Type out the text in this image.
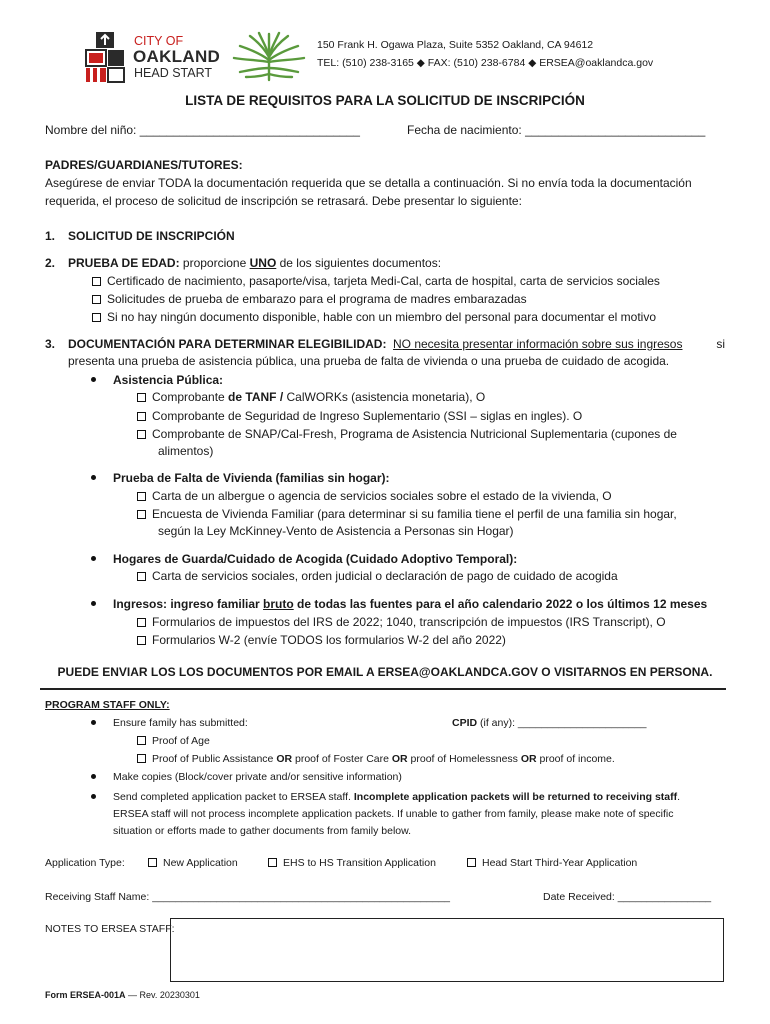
CITY OF
OAKLAND
HEAD START
150 Frank H. Ogawa Plaza, Suite 5352 Oakland, CA 94612
TEL: (510) 238-3165 ◆ FAX: (510) 238-6784 ◆ ERSEA@oaklandca.gov
LISTA DE REQUISITOS PARA LA SOLICITUD DE INSCRIPCIÓN
Nombre del niño: _________________________________	Fecha de nacimiento: ___________________________
PADRES/GUARDIANES/TUTORES:
Asegúrese de enviar TODA la documentación requerida que se detalla a continuación. Si no envía toda la documentación
requerida, el proceso de solicitud de inscripción se retrasará. Debe presentar lo siguiente:
1. SOLICITUD DE INSCRIPCIÓN
2. PRUEBA DE EDAD: proporcione UNO de los siguientes documentos:
Certificado de nacimiento, pasaporte/visa, tarjeta Medi-Cal, carta de hospital, carta de servicios sociales
Solicitudes de prueba de embarazo para el programa de madres embarazadas
Si no hay ningún documento disponible, hable con un miembro del personal para documentar el motivo
3. DOCUMENTACIÓN PARA DETERMINAR ELEGIBILIDAD: NO necesita presentar información sobre sus ingresos	si
presenta una prueba de asistencia pública, una prueba de falta de vivienda o una prueba de cuidado de acogida.
Asistencia Pública:
Comprobante de TANF / CalWORKs (asistencia monetaria), O
Comprobante de Seguridad de Ingreso Suplementario (SSI – siglas en ingles). O
Comprobante de SNAP/Cal-Fresh, Programa de Asistencia Nutricional Suplementaria (cupones de
alimentos)
Prueba de Falta de Vivienda (familias sin hogar):
Carta de un albergue o agencia de servicios sociales sobre el estado de la vivienda, O
Encuesta de Vivienda Familiar (para determinar si su familia tiene el perfil de una familia sin hogar,
según la Ley McKinney-Vento de Asistencia a Personas sin Hogar)
Hogares de Guarda/Cuidado de Acogida (Cuidado Adoptivo Temporal):
Carta de servicios sociales, orden judicial o declaración de pago de cuidado de acogida
Ingresos: ingreso familiar bruto de todas las fuentes para el año calendario 2022 o los últimos 12 meses
Formularios de impuestos del IRS de 2022; 1040, transcripción de impuestos (IRS Transcript), O
Formularios W-2 (envíe TODOS los formularios W-2 del año 2022)
PUEDE ENVIAR LOS LOS DOCUMENTOS POR EMAIL A ERSEA@OAKLANDCA.GOV O VISITARNOS EN PERSONA.
PROGRAM STAFF ONLY:
Ensure family has submitted:	CPID (if any): ______________________
Proof of Age
Proof of Public Assistance OR proof of Foster Care OR proof of Homelessness OR proof of income.
Make copies (Block/cover private and/or sensitive information)
Send completed application packet to ERSEA staff. Incomplete application packets will be returned to receiving staff.
ERSEA staff will not process incomplete application packets. If unable to gather from family, please make note of specific
situation or efforts made to gather documents from family below.
Application Type:	New Application	EHS to HS Transition Application	Head Start Third-Year Application
Receiving Staff Name: ___________________________________________________	Date Received: ________________
NOTES TO ERSEA STAFF:
Form ERSEA-001A — Rev. 20230301
